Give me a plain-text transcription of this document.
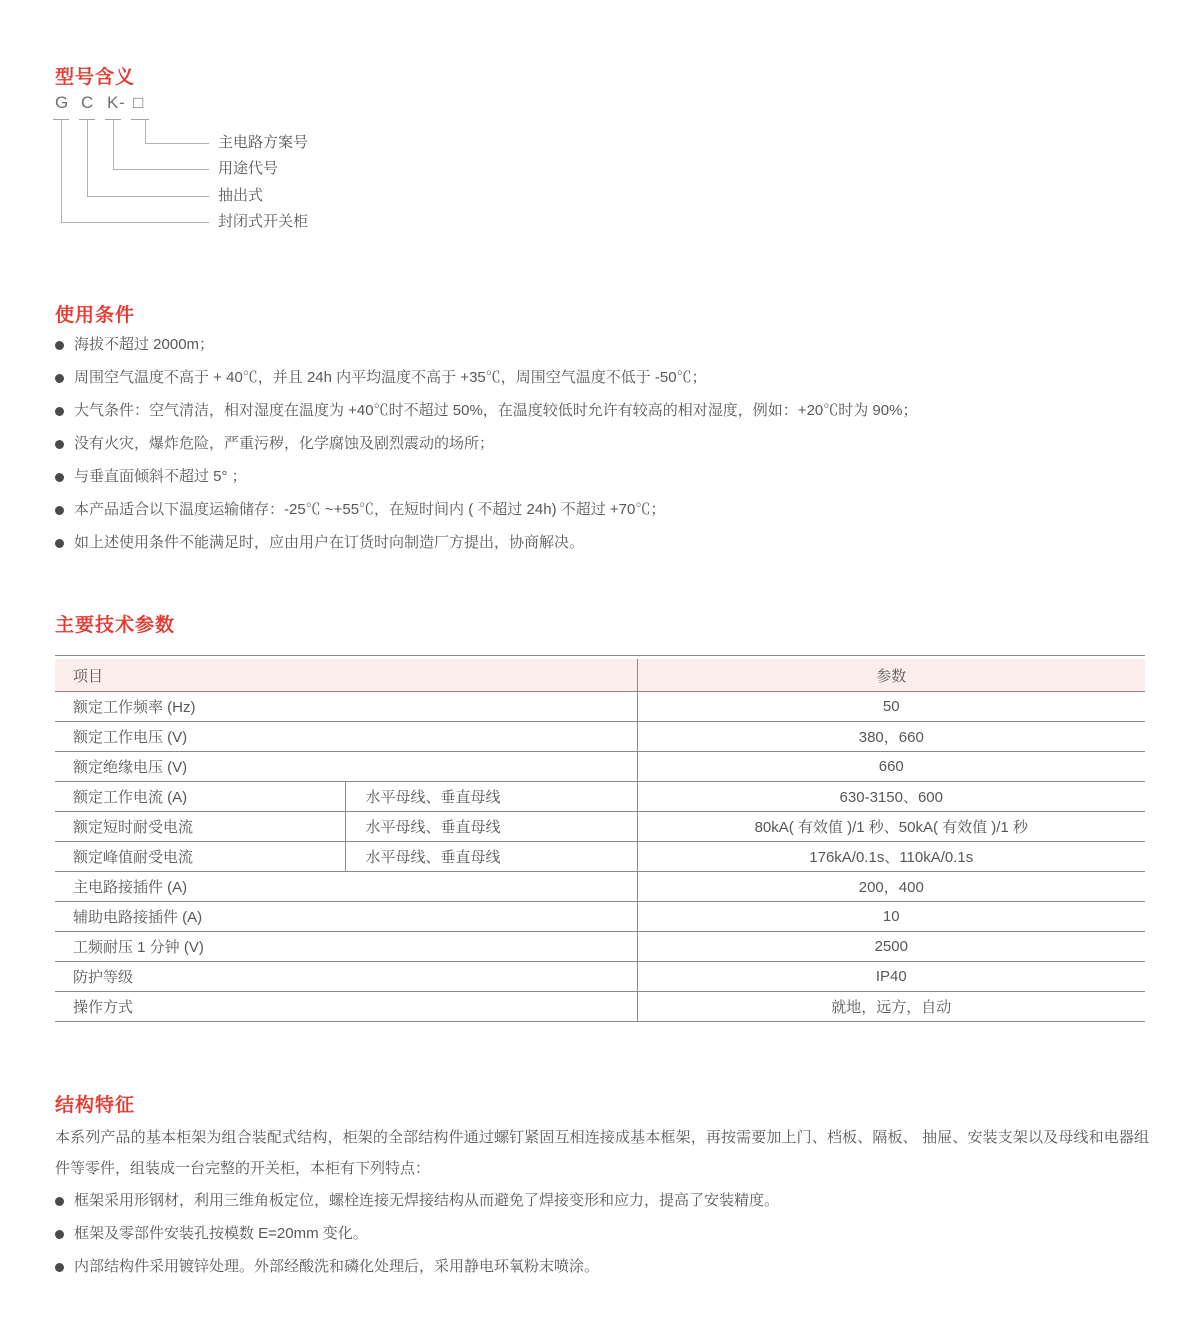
型号含义
G C K - □
主电路方案号
用途代号
抽出式
封闭式开关柜
使用条件
海拔不超过 2000m；
周围空气温度不高于 + 40℃，并且 24h 内平均温度不高于 +35℃，周围空气温度不低于 -50℃；
大气条件：空气清洁，相对湿度在温度为 +40℃时不超过 50%，在温度较低时允许有较高的相对湿度，例如：+20℃时为 90%；
没有火灾，爆炸危险，严重污秽，化学腐蚀及剧烈震动的场所；
与垂直面倾斜不超过 5° ；
本产品适合以下温度运输储存：-25℃ ~+55℃，在短时间内 ( 不超过 24h) 不超过 +70℃；
如上述使用条件不能满足时，应由用户在订货时向制造厂方提出，协商解决。
主要技术参数
项目		参数
额定工作频率 (Hz)		50
额定工作电压 (V)		380，660
额定绝缘电压 (V)		660
额定工作电流 (A)	水平母线、垂直母线	630-3150、600
额定短时耐受电流	水平母线、垂直母线	80kA( 有效值 )/1 秒、50kA( 有效值 )/1 秒
额定峰值耐受电流	水平母线、垂直母线	176kA/0.1s、110kA/0.1s
主电路接插件 (A)		200，400
辅助电路接插件 (A)		10
工频耐压 1 分钟 (V)		2500
防护等级		IP40
操作方式		就地，远方，自动
结构特征

本系列产品的基本柜架为组合装配式结构，柜架的全部结构件通过螺钉紧固互相连接成基本框架，再按需要加上门、档板、隔板、 抽屉、安装支架以及母线和电器组件等零件，组装成一台完整的开关柜，本柜有下列特点：

框架采用形钢材，利用三维角板定位，螺栓连接无焊接结构从而避免了焊接变形和应力，提高了安装精度。
框架及零部件安装孔按模数 E=20mm 变化。
内部结构件采用镀锌处理。外部经酸洗和磷化处理后，采用静电环氧粉末喷涂。
